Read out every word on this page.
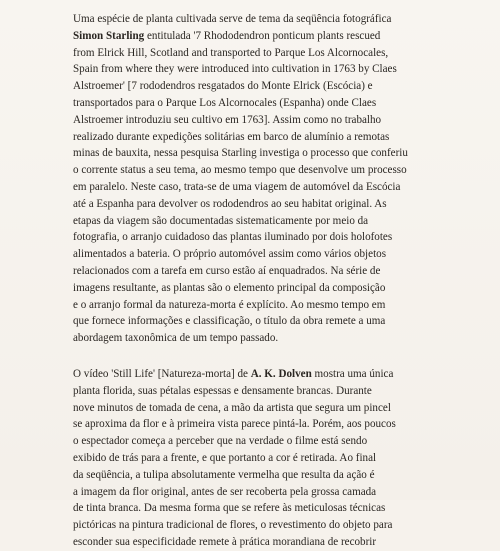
Uma espécie de planta cultivada serve de tema da seqüência fotográfica
Simon Starling entitulada '7 Rhododendron ponticum plants rescued
from Elrick Hill, Scotland and transported to Parque Los Alcornocales,
Spain from where they were introduced into cultivation in 1763 by Claes
Alstroemer' [7 rododendros resgatados do Monte Elrick (Escócia) e
transportados para o Parque Los Alcornocales (Espanha) onde Claes
Alstroemer introduziu seu cultivo em 1763]. Assim como no trabalho
realizado durante expedições solitárias em barco de alumínio a remotas
minas de bauxita, nessa pesquisa Starling investiga o processo que conferiu
o corrente status a seu tema, ao mesmo tempo que desenvolve um processo
em paralelo. Neste caso, trata-se de uma viagem de automóvel da Escócia
até a Espanha para devolver os rododendros ao seu habitat original. As
etapas da viagem são documentadas sistematicamente por meio da
fotografia, o arranjo cuidadoso das plantas iluminado por dois holofotes
alimentados a bateria. O próprio automóvel assim como vários objetos
relacionados com a tarefa em curso estão aí enquadrados. Na série de
imagens resultante, as plantas são o elemento principal da composição
e o arranjo formal da natureza-morta é explícito. Ao mesmo tempo em
que fornece informações e classificação, o título da obra remete a uma
abordagem taxonômica de um tempo passado.
O vídeo 'Still Life' [Natureza-morta] de A. K. Dolven mostra uma única
planta florida, suas pétalas espessas e densamente brancas. Durante
nove minutos de tomada de cena, a mão da artista que segura um pincel
se aproxima da flor e à primeira vista parece pintá-la. Porém, aos poucos
o espectador começa a perceber que na verdade o filme está sendo
exibido de trás para a frente, e que portanto a cor é retirada. Ao final
da seqüência, a tulipa absolutamente vermelha que resulta da ação é
a imagem da flor original, antes de ser recoberta pela grossa camada
de tinta branca. Da mesma forma que se refere às meticulosas técnicas
pictóricas na pintura tradicional de flores, o revestimento do objeto para
esconder sua especificidade remete à prática morandiana de recobrir
